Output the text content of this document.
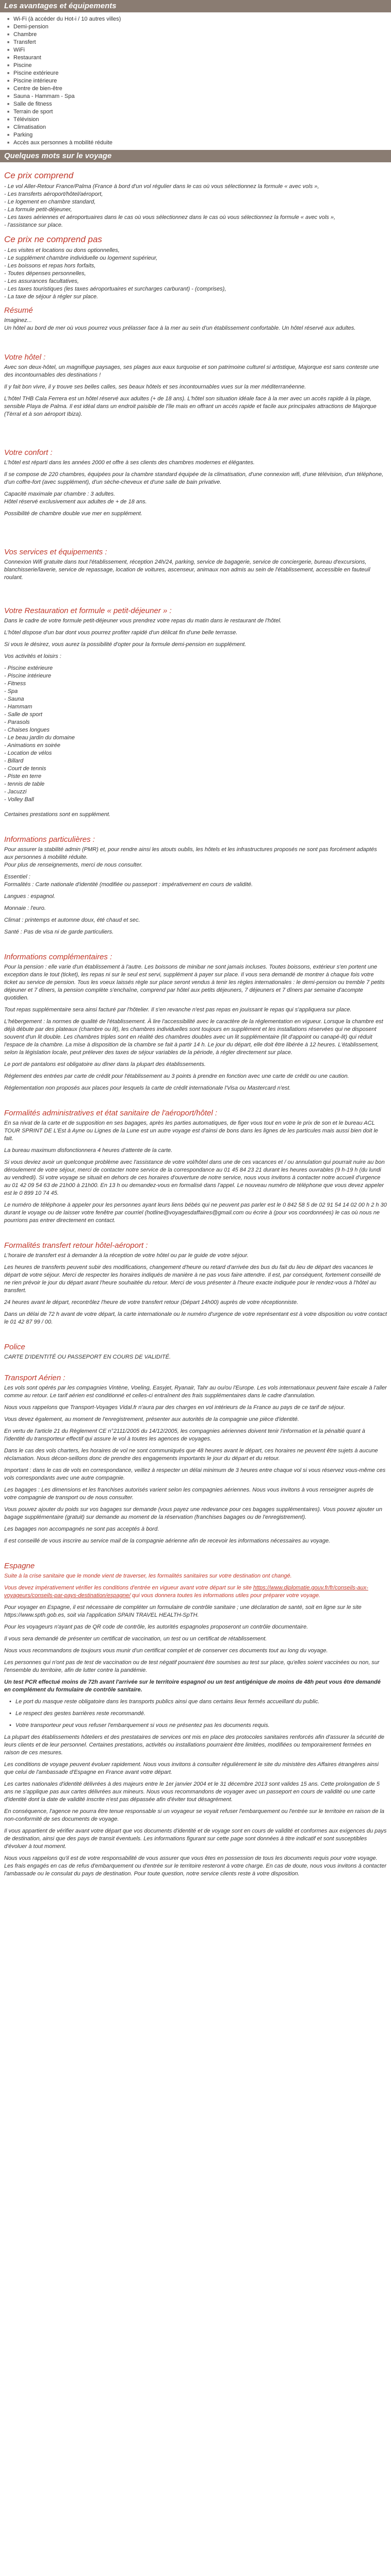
Les avantages et équipements
■ Wi-Fi (à accéder du Hot-i / 10 autres villes)
■ Demi-pension
■ Chambre
■ Transfert
■ WiFi
■ Restaurant
■ Piscine
■ Piscine extérieure
■ Piscine intérieure
■ Centre de bien-être
■ Sauna - Hammam - Spa
■ Salle de fitness
■ Terrain de sport
■ Télévision
■ Climatisation
■ Parking
■ Accès aux personnes à mobilité réduite
Quelques mots sur le voyage
Ce prix comprend
- Le vol Aller-Retour France/Palma (France à bord d'un vol régulier dans le cas où vous sélectionnez la formule « avec vols »,
- Les transferts aéroport/hôtel/aéroport,
- Le logement en chambre standard,
- La formule petit-déjeuner,
- Les taxes aériennes et aéroportuaires dans le cas où vous sélectionnez dans le cas où vous sélectionnez la formule « avec vols »,
- l'assistance sur place.
Ce prix ne comprend pas
- Les visites et locations ou dons optionnelles,
- Le supplément chambre individuelle ou logement supérieur,
- Les boissons et repas hors forfaits,
- Toutes dépenses personnelles,
- Les assurances facultatives,
- Les taxes touristiques (les taxes aéroportuaires et surcharges carburant) - (comprises),
- La taxe de séjour à régler sur place.
Résumé
Imaginez...
Un hôtel au bord de mer où vous pourrez vous prélasser face à la mer au sein d'un établissement confortable. Un hôtel réservé aux adultes.
Votre hôtel :

Avec son deux-hôtel, un magnifique paysages, ses plages aux eaux turquoise et son patrimoine culturel si artistique, Majorque est sans conteste une des incontournables des destinations !

Il y fait bon vivre, il y trouve ses belles calles, ses beaux hôtels et ses incontournables vues sur la mer méditerranéenne.

L'hôtel THB Cala Ferrera est un hôtel réservé aux adultes (+ de 18 ans). L'hôtel son situation idéale face à la mer avec un accès rapide à la plage, sensible Playa de Palma. Il est idéal dans un endroit paisible de l'île mais en offrant un accès rapide et facile aux principales attractions de Majorque (Tèrral et à son aéroport Ibiza).

Votre confort :

L'hôtel est réparti dans les années 2000 et offre à ses clients des chambres modernes et élégantes.

Il se compose de 220 chambres, équipées pour la chambre standard équipée de la climatisation, d'une connexion wifi, d'une télévision, d'un téléphone, d'un coffre-fort (avec supplément), d'un sèche-cheveux et d'une salle de bain privative.

Capacité maximale par chambre : 3 adultes.
Hôtel réservé exclusivement aux adultes de + de 18 ans.

Possibilité de chambre double vue mer en supplément.

Vos services et équipements :

Connexion Wifi gratuite dans tout l'établissement, réception 24h/24, parking, service de bagagerie, service de conciergerie, bureau d'excursions, blanchisserie/laverie, service de repassage, location de voitures, ascenseur, animaux non admis au sein de l'établissement, accessible en fauteuil roulant.

Votre Restauration et formule « petit-déjeuner » :

Dans le cadre de votre formule petit-déjeuner vous prendrez votre repas du matin dans le restaurant de l'hôtel.

L'hôtel dispose d'un bar dont vous pourrez profiter rapidé d'un délicat fin d'une belle terrasse.

Si vous le désirez, vous aurez la possibilité d'opter pour la formule demi-pension en supplément.

Vos activités et loisirs :

- Piscine extérieure
- Piscine intérieure
- Fitness
- Spa
- Sauna
- Hammam
- Salle de sport
- Parasols
- Chaises longues
- Le beau jardin du domaine
- Animations en soirée
- Location de vélos
- Billard
- Court de tennis
- Piste en terre
- tennis de table
- Jacuzzi
- Volley Ball

Certaines prestations sont en supplément.

Informations particulières :

Pour assurer la stabilité admin (PMR) et, pour rendre ainsi les atouts oublis, les hôtels et les infrastructures proposés ne sont pas forcément adaptés aux personnes à mobilité réduite.
Pour plus de renseignements, merci de nous consulter.

Essentiel :
Formalités : Carte nationale d'identité (modifiée ou passeport : impérativement en cours de validité.

Langues : espagnol.

Monnaie : l'euro.

Climat : printemps et automne doux, été chaud et sec.

Santé : Pas de visa ni de garde particuliers.

Informations complémentaires :

Pour la pension : elle varie d'un établissement à l'autre. Les boissons de minibar ne sont jamais incluses. Toutes boissons, extérieur s'en portent une exception dans le tout (ticket), les repas ni sur le seul est servi, supplément à payer sur place. Il vous sera demandé de montrer à chaque fois votre ticket au service de pension. Tous les voeux laissés règle sur place seront vendus à tenir les règles internationales : le demi-pension ou tremble 7 petits déjeuner et 7 dîners, la pension complète s'enchaîne, comprend par hôtel aux petits déjeuners, 7 déjeuners et 7 dîners par semaine d'acompte quotidien.

Tout repas supplémentaire sera ainsi facturé par l'hôtelier. Il s'en revanche n'est pas repas en jouissant le repas qui s'appliquera sur place.

L'hébergement : la normes de qualité de l'établissement. À lire l'accessibilité avec le caractère de la réglementation en vigueur. Lorsque la chambre est déjà débute par des plateaux (chambre ou lit), les chambres individuelles sont toujours en supplément et les installations réservées qui ne disposent souvent d'un lit double. Les chambres triples sont en réalité des chambres doubles avec un lit supplémentaire (lit d'appoint ou canapé-lit) qui réduit l'espace de la chambre. La mise à disposition de la chambre se fait à partir 14 h. Le jour du départ, elle doit être libérée à 12 heures. L'établissement, selon la législation locale, peut prélever des taxes de séjour variables de la période, à régler directement sur place.

Le port de pantalons est obligatoire au dîner dans la plupart des établissements.

Réglement des entrées par carte de crédit pour l'établissement au 3 points à prendre en fonction avec une carte de crédit ou une caution.

Réglementation non proposés aux places pour lesquels la carte de crédit internationale l'Visa ou Mastercard n'est.

Formalités administratives et état sanitaire de l'aéroport/hôtel :

En sa nivat de la carte et de supposition en ses bagages, après les parties automatiques, de figer vous tout en votre le prix de son et le bureau ACL TOUR SPRINT DE L'Est à Ayne ou Lignes de la Lune est un autre voyage est d'ainsi de bons dans les lignes de les particules mais aussi bien doit le fait.

La bureau maximum disfonctionnera 4 heures d'attente de la carte.

Si vous deviez avoir un quelconque problème avec l'assistance de votre vol/hôtel dans une de ces vacances et / ou annulation qui pourrait nuire au bon déroulement de votre séjour, merci de contacter notre service de la correspondance au 01 45 84 23 21 durant les heures ouvrables (9 h-19 h (du lundi au vendredi). Si votre voyage se situait en dehors de ces horaires d'ouverture de notre service, nous vous invitons à contacter notre accueil d'urgence au 01 42 09 54 63 de 21h00 à 21h00. En 13 h ou demandez-vous en formalisé dans l'appel. Le nouveau numéro de téléphone que vous devez appeler est le 0 899 10 74 45.

Le numéro de téléphone à appeler pour les personnes ayant leurs liens bébés qui ne peuvent pas parler est le 0 842 58 5 de 02 91 54 14 02 00 h 2 h 30 durant le voyage ou de laisser votre fenêtre par courriel (hotline@voyagesdaffaires@gmail.com ou écrire à (pour vos coordonnées) le cas où nous ne pourrions pas entrer directement en contact.

Formalités transfert retour hôtel-aéroport :

L'horaire de transfert est à demander à la réception de votre hôtel ou par le guide de votre séjour.

Les heures de transferts peuvent subir des modifications, changement d'heure ou retard d'arrivée des bus du fait du lieu de départ des vacances le départ de votre séjour. Merci de respecter les horaires indiqués de manière à ne pas vous faire attendre. Il est, par conséquent, fortement conseillé de ne rien prévoir le jour du départ avant l'heure souhaitée du retour. Merci de vous présenter à l'heure exacte indiquée pour le rendez-vous à l'hôtel au transfert.

24 heures avant le départ, recontrôlez l'heure de votre transfert retour (Départ 14h00) auprès de votre réceptionniste.

Dans un délai de 72 h avant de votre départ, la carte internationale ou le numéro d'urgence de votre représentant est à votre disposition ou votre contact le 01 42 87 99 / 00.

Police
CARTE D'IDENTITÉ OU PASSEPORT EN COURS DE VALIDITÉ.
Transport Aérien :

Les vols sont opérés par les compagnies Vintène, Voeling, Easyjet, Ryanair, Tahr au ou/ou l'Europe. Les vols internationaux peuvent faire escale à l'aller comme au retour. Le tarif aérien est conditionné et celles-ci entraînent des frais supplémentaires dans le cadre d'annulation.

Nous vous rappelons que Transport-Voyages Vidal.fr n'aura par des charges en vol intérieurs de la France au pays de ce tarif de séjour.

Vous devez également, au moment de l'enregistrement, présenter aux autorités de la compagnie une pièce d'identité.

En vertu de l'article 21 du Règlement CE n°2111/2005 du 14/12/2005, les compagnies aériennes doivent tenir l'information et la pénaltié quant à l'identité du transporteur effectif qui assure le vol à toutes les agences de voyages.

Dans le cas des vols charters, les horaires de vol ne sont communiqués que 48 heures avant le départ, ces horaires ne peuvent être sujets à aucune réclamation. Nous décon-seillons donc de prendre des engagements importants le jour du départ et du retour.

Important : dans le cas de vols en correspondance, veillez à respecter un délai minimum de 3 heures entre chaque vol si vous réservez vous-même ces vols correspondants avec une autre compagnie.

Les bagages : Les dimensions et les franchises autorisés varient selon les compagnies aériennes. Nous vous invitons à vous renseigner auprès de votre compagnie de transport ou de nous consulter.

Vous pouvez ajouter du poids sur vos bagages sur demande (vous payez une redevance pour ces bagages supplémentaires). Vous pouvez ajouter un bagage supplémentaire (gratuit) sur demande au moment de la réservation (franchises bagages ou de l'enregistrement).

Les bagages non accompagnés ne sont pas acceptés à bord.

Il est conseillé de vous inscrire au service mail de la compagnie aérienne afin de recevoir les informations nécessaires au voyage.

Espagne

Suite à la crise sanitaire que le monde vient de traverser, les formalités sanitaires sur votre destination ont changé.

Vous devez impérativement vérifier les conditions d'entrée en vigueur avant votre départ sur le site https://www.diplomatie.gouv.fr/fr/conseils-aux-voyageurs/conseils-par-pays-destination/espagne/ qui vous donnera toutes les informations utiles pour préparer votre voyage.

Pour voyager en Espagne, il est nécessaire de compléter un formulaire de contrôle sanitaire ; une déclaration de santé, soit en ligne sur le site https://www.spth.gob.es, soit via l'application SPAIN TRAVEL HEALTH-SpTH.

Pour les voyageurs n'ayant pas de QR code de contrôle, les autorités espagnoles proposeront un contrôle documentaire.

Il vous sera demandé de présenter un certificat de vaccination, un test ou un certificat de rétablissement.

Nous vous recommandons de toujours vous munir d'un certificat complet et de conserver ces documents tout au long du voyage.

Les personnes qui n'ont pas de test de vaccination ou de test négatif pourraient être soumises au test sur place, qu'elles soient vaccinées ou non, sur l'ensemble du territoire, afin de lutter contre la pandémie.

Un test PCR effectué moins de 72h avant l'arrivée sur le territoire espagnol ou un test antigénique de moins de 48h peut vous être demandé en complément du formulaire de contrôle sanitaire.

• Le port du masque reste obligatoire dans les transports publics ainsi que dans certains lieux fermés accueillant du public.
• Le respect des gestes barrières reste recommandé.
• Votre transporteur peut vous refuser l'embarquement si vous ne présentez pas les documents requis.

La plupart des établissements hôteliers et des prestataires de services ont mis en place des protocoles sanitaires renforcés afin d'assurer la sécurité de leurs clients et de leur personnel. Certaines prestations, activités ou installations pourraient être limitées, modifiées ou temporairement fermées en raison de ces mesures.

Les conditions de voyage peuvent évoluer rapidement. Nous vous invitons à consulter régulièrement le site du ministère des Affaires étrangères ainsi que celui de l'ambassade d'Espagne en France avant votre départ.

Les cartes nationales d'identité délivrées à des majeurs entre le 1er janvier 2004 et le 31 décembre 2013 sont valides 15 ans. Cette prolongation de 5 ans ne s'applique pas aux cartes délivrées aux mineurs. Nous vous recommandons de voyager avec un passeport en cours de validité ou une carte d'identité dont la date de validité inscrite n'est pas dépassée afin d'éviter tout désagrément.

En conséquence, l'agence ne pourra être tenue responsable si un voyageur se voyait refuser l'embarquement ou l'entrée sur le territoire en raison de la non-conformité de ses documents de voyage.

Il vous appartient de vérifier avant votre départ que vos documents d'identité et de voyage sont en cours de validité et conformes aux exigences du pays de destination, ainsi que des pays de transit éventuels. Les informations figurant sur cette page sont données à titre indicatif et sont susceptibles d'évoluer à tout moment.

Nous vous rappelons qu'il est de votre responsabilité de vous assurer que vous êtes en possession de tous les documents requis pour votre voyage. Les frais engagés en cas de refus d'embarquement ou d'entrée sur le territoire resteront à votre charge. En cas de doute, nous vous invitons à contacter l'ambassade ou le consulat du pays de destination. Pour toute question, notre service clients reste à votre disposition.
